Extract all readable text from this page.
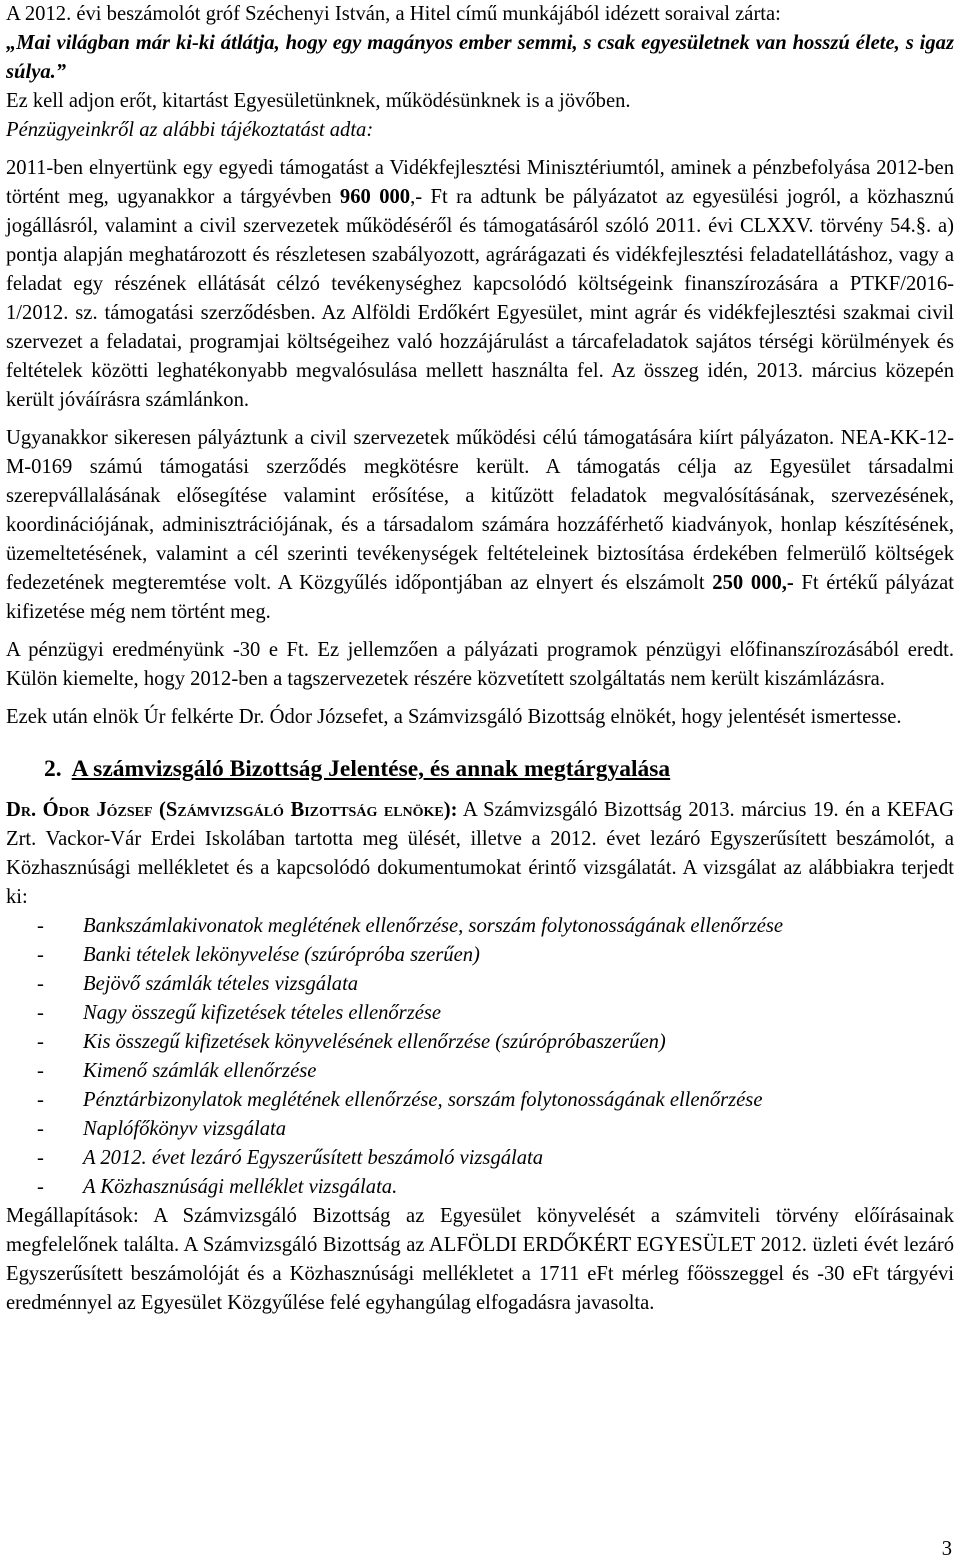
A 2012. évi beszámolót gróf Széchenyi István, a Hitel című munkájából idézett soraival zárta:

„Mai világban már ki-ki átlátja, hogy egy magányos ember semmi, s csak egyesületnek van hosszú élete, s igaz súlya.”

Ez kell adjon erőt, kitartást Egyesületünknek, működésünknek is a jövőben.

Pénzügyeinkről az alábbi tájékoztatást adta:

2011-ben elnyertünk egy egyedi támogatást a Vidékfejlesztési Minisztériumtól, aminek a pénzbefolyása 2012-ben történt meg, ugyanakkor a tárgyévben 960 000,- Ft ra adtunk be pályázatot az egyesülési jogról, a közhasznú jogállásról, valamint a civil szervezetek működéséről és támogatásáról szóló 2011. évi CLXXV. törvény 54.§. a) pontja alapján meghatározott és részletesen szabályozott, agrárágazati és vidékfejlesztési feladatellátáshoz, vagy a feladat egy részének ellátását célzó tevékenységhez kapcsolódó költségeink finanszírozására a PTKF/2016-1/2012. sz. támogatási szerződésben. Az Alföldi Erdőkért Egyesület, mint agrár és vidékfejlesztési szakmai civil szervezet a feladatai, programjai költségeihez való hozzájárulást a tárcafeladatok sajátos térségi körülmények és feltételek közötti leghatékonyabb megvalósulása mellett használta fel. Az összeg idén, 2013. március közepén került jóváírásra számlánkon.

Ugyanakkor sikeresen pályáztunk a civil szervezetek működési célú támogatására kiírt pályázaton. NEA-KK-12-M-0169 számú támogatási szerződés megkötésre került. A támogatás célja az Egyesület társadalmi szerepvállalásának elősegítése valamint erősítése, a kitűzött feladatok megvalósításának, szervezésének, koordinációjának, adminisztrációjának, és a társadalom számára hozzáférhető kiadványok, honlap készítésének, üzemeltetésének, valamint a cél szerinti tevékenységek feltételeinek biztosítása érdekében felmerülő költségek fedezetének megteremtése volt. A Közgyűlés időpontjában az elnyert és elszámolt 250 000,- Ft értékű pályázat kifizetése még nem történt meg.

A pénzügyi eredményünk -30 e Ft. Ez jellemzően a pályázati programok pénzügyi előfinanszírozásából eredt. Külön kiemelte, hogy 2012-ben a tagszervezetek részére közvetített szolgáltatás nem került kiszámlázásra.

Ezek után elnök Úr felkérte Dr. Ódor Józsefet, a Számvizsgáló Bizottság elnökét, hogy jelentését ismertesse.

2. A számvizsgáló Bizottság Jelentése, és annak megtárgyalása

Dr. Ódor József (Számvizsgáló Bizottság elnöke): A Számvizsgáló Bizottság 2013. március 19. én a KEFAG Zrt. Vackor-Vár Erdei Iskolában tartotta meg ülését, illetve a 2012. évet lezáró Egyszerűsített beszámolót, a Közhasznúsági mellékletet és a kapcsolódó dokumentumokat érintő vizsgálatát. A vizsgálat az alábbiakra terjedt ki:

- Bankszámlakivonatok meglétének ellenőrzése, sorszám folytonosságának ellenőrzése
- Banki tételek lekönyvelése (szúrópróba szerűen)
- Bejövő számlák tételes vizsgálata
- Nagy összegű kifizetések tételes ellenőrzése
- Kis összegű kifizetések könyvelésének ellenőrzése (szúrópróbaszerűen)
- Kimenő számlák ellenőrzése
- Pénztárbizonylatok meglétének ellenőrzése, sorszám folytonosságának ellenőrzése
- Naplófőkönyv vizsgálata
- A 2012. évet lezáró Egyszerűsített beszámoló vizsgálata
- A Közhasznúsági melléklet vizsgálata.

Megállapítások: A Számvizsgáló Bizottság az Egyesület könyvelését a számviteli törvény előírásainak megfelelőnek találta. A Számvizsgáló Bizottság az ALFÖLDI ERDŐKÉRT EGYESÜLET 2012. üzleti évét lezáró Egyszerűsített beszámolóját és a Közhasznúsági mellékletet a 1711 eFt mérleg főösszeggel és -30 eFt tárgyévi eredménnyel az Egyesület Közgyűlése felé egyhangúlag elfogadásra javasolta.

3
